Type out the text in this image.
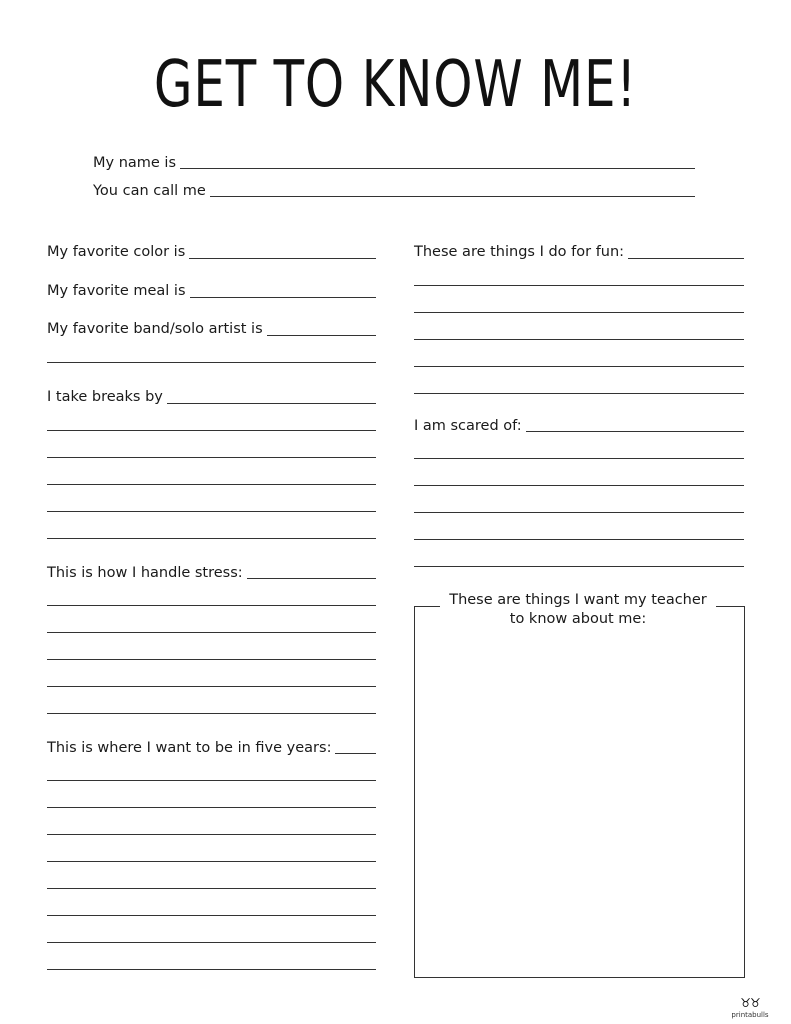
GET TO KNOW ME!
My name is
You can call me
My favorite color is
My favorite meal is
My favorite band/solo artist is
I take breaks by
This is how I handle stress:
This is where I want to be in five years:
These are things I do for fun:
I am scared of:
These are things I want my teacher to know about me:
♉♉
printabulls
